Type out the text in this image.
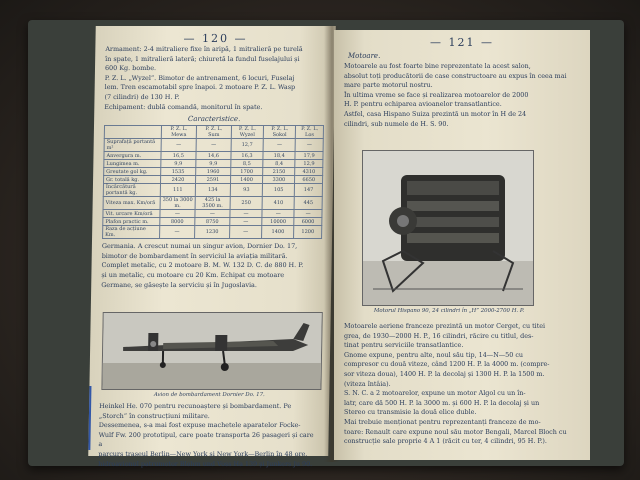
— 120 —
Armament: 2-4 mitraliere fixe în aripă, 1 mitralieră pe turelă
în spate, 1 mitralieră lateră; chiuretă la fundul fuselajului și
600 Kg. bombe.
P. Z. L. „Wyzel”. Bimotor de antrenament, 6 locuri, Fuselaj
lem. Tren escamotabil spre înapoi. 2 motoare P. Z. L. Wasp
(7 cilindri) de 130 H. P.
Echipament: dublă comandă, monitorul în spate.
Caracteristice.
	P. Z. L. Mewa	P. Z. L. Sum	P. Z. L. Wyzel	P. Z. L. Sokol	P. Z. L. Los
Suprafață portantă m²	—	—	12,7	—	—
Anvergura m.	16,5	14,6	16,3	18,4	17,9
Lungimea m.	9,9	9,9	8,5	8,4	12,9
Greutate gol kg.	1535	1960	1700	2150	4310
Gr. totală kg.	2420	2591	1400	3300	6650
Încărcătură portantă kg.	111	134	93	105	147
Viteza max. Km/oră	350 la 3000 m.	425 la 3500 m.	250	410	445
Vit. urcare Km/oră	—	—	—	—	—
Plafon practic m.	8000	8750	—	10000	6000
Raza de acțiune Km.	—	1230	—	1400	1200
Germania. A crescut numai un singur avion, Dornier Do. 17,
bimotor de bombardament în serviciul la aviația militară.
Complet metalic, cu 2 motoare B. M. W. 132 D. C. de 880 H. P.
și un metalic, cu motoare cu 20 Km. Echipat cu motoare
Germane, se găsește la serviciu și în Jugoslavia.
Avion de bombardament Dornier Do. 17.
Heinkel He. 070 pentru recunoaștere și bombardament. Pe
„Storch” în construcțiuni militare.
Dessemenea, s-a mai fost expuse machetele aparatelor Focke-
Wulf Fw. 200 prototipul, care poate transporta 26 pasageri și care a
parcurs traseul Berlin—New York și New York—Berlin în 48 ore.
hidroavionul patrumotor Blohm und Voss Ha 139 și Junkers Ju 90.
— 121 —
Motoare.
Motoarele au fost foarte bine reprezentate la acest salon,
absolut toți producătorii de case constructoare au expus în ceea mai
mare parte motorul nostru.
În ultima vreme se face și realizarea motoarelor de 2000
H. P. pentru echiparea avioanelor transatlantice.
Astfel, casa Hispano Suiza prezintă un motor în H de 24
cilindri, sub numele de H. S. 90.
Motorul Hispano 90, 24 cilindri în „H” 2000-2700 H. P.
Motoarele aeriene franceze prezintă un motor Cerget, cu titei
grea, de 1930—2000 H. P., 16 cilindri, răcire cu titlul, des-
tinat pentru serviciile transatlantice.
Gnome expune, pentru alte, noul său tip, 14—N—50 cu
compresor cu două viteze, când 1200 H. P. la 4000 m. (compre-
sor viteza doua), 1400 H. P. la decolaj și 1300 H. P. la 1500 m.
(viteza întâia).
S. N. C. a 2 motoarelor, expune un motor Algol cu un în-
latr, care dă 500 H. P. la 3000 m. și 600 H. P. la decolaj și un
Stereo cu transmisie la două elice duble.
Mai trebuie menționat pentru reprezentanți franceze de mo-
toare: Renault care expune noul său motor Bengali, Marcel Bloch cu
construcție sale proprie 4 A 1 (răcit cu ter, 4 cilindri, 95 H. P.).
